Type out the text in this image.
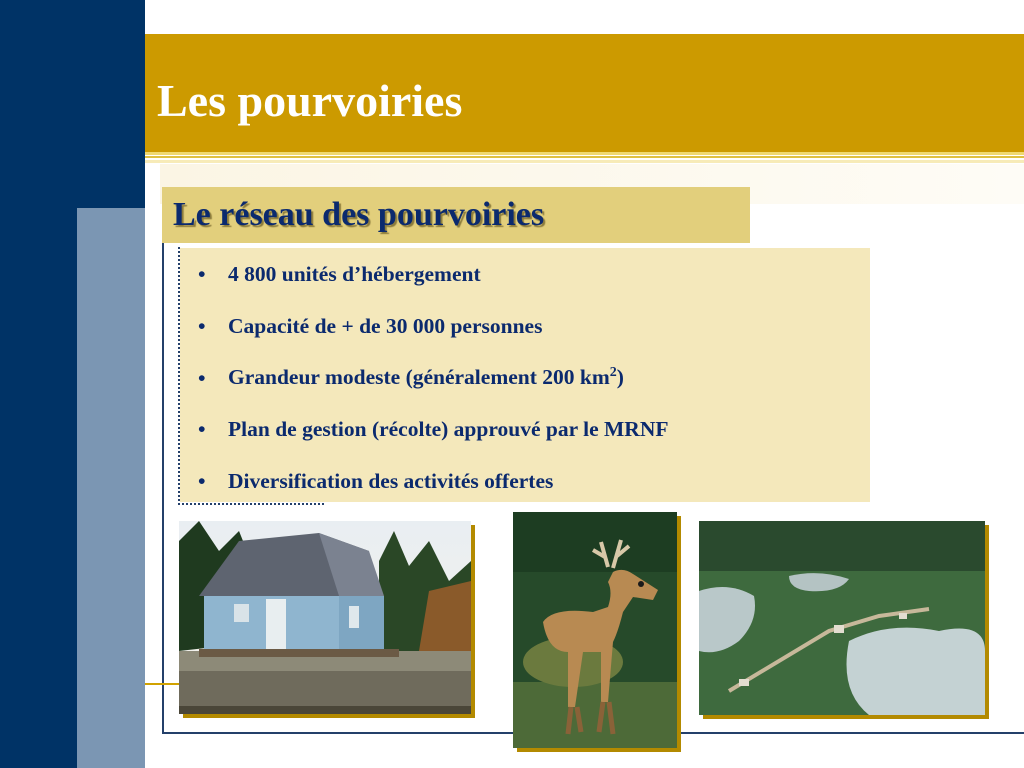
Les pourvoiries
Le réseau des pourvoiries
• 4 800 unités d’hébergement
• Capacité de + de 30 000 personnes
• Grandeur modeste (généralement 200 $km^2$)
• Plan de gestion (récolte) approuvé par le MRNF
• Diversification des activités offertes
